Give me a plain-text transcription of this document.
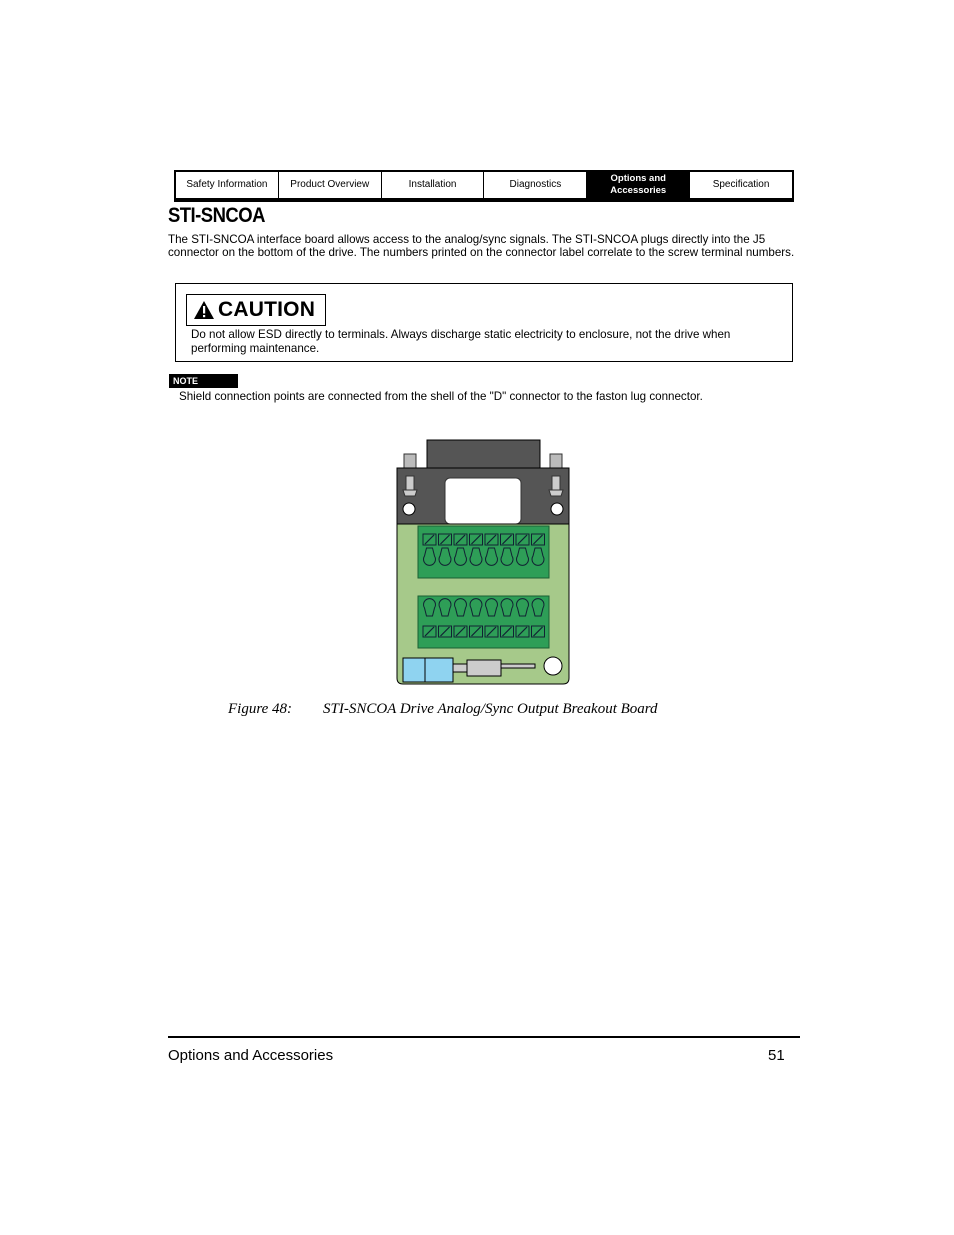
Safety Information	Product Overview	Installation	Diagnostics
Options and Accessories
Specification
STI-SNCOA
The STI-SNCOA interface board allows access to the analog/sync signals. The STI-SNCOA plugs directly into the J5 connector on the bottom of the drive. The numbers printed on the connector label correlate to the screw terminal numbers.
CAUTION
Do not allow ESD directly to terminals. Always discharge static electricity to enclosure, not the drive when performing maintenance.
NOTE
Shield connection points are connected from the shell of the "D" connector to the faston lug connector.
Figure 48: STI-SNCOA Drive Analog/Sync Output Breakout Board
Options and Accessories	51
